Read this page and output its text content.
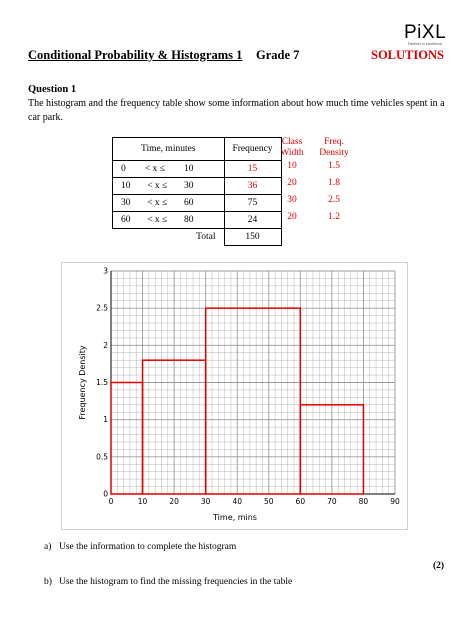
PiXL
Partners in excellence
Conditional Probability & Histograms 1 Grade 7	SOLUTIONS
Question 1
The histogram and the frequency table show some information about how much time vehicles spent in a car park.
Time, minutes	Frequency

0 < x ≤ 10	15

10 < x ≤ 30	36

30 < x ≤ 60	75

60 < x ≤ 80	24
Total	150
Class Width
Freq. Density
10	1.5
20	1.8
30	2.5
20	1.2
0	10	20	30	40	50	60	70	80	90
0
0.5
1
1.5
2
2.5
3
Time, mins
Frequency Density
a) Use the information to complete the histogram
(2)
b) Use the histogram to find the missing frequencies in the table
